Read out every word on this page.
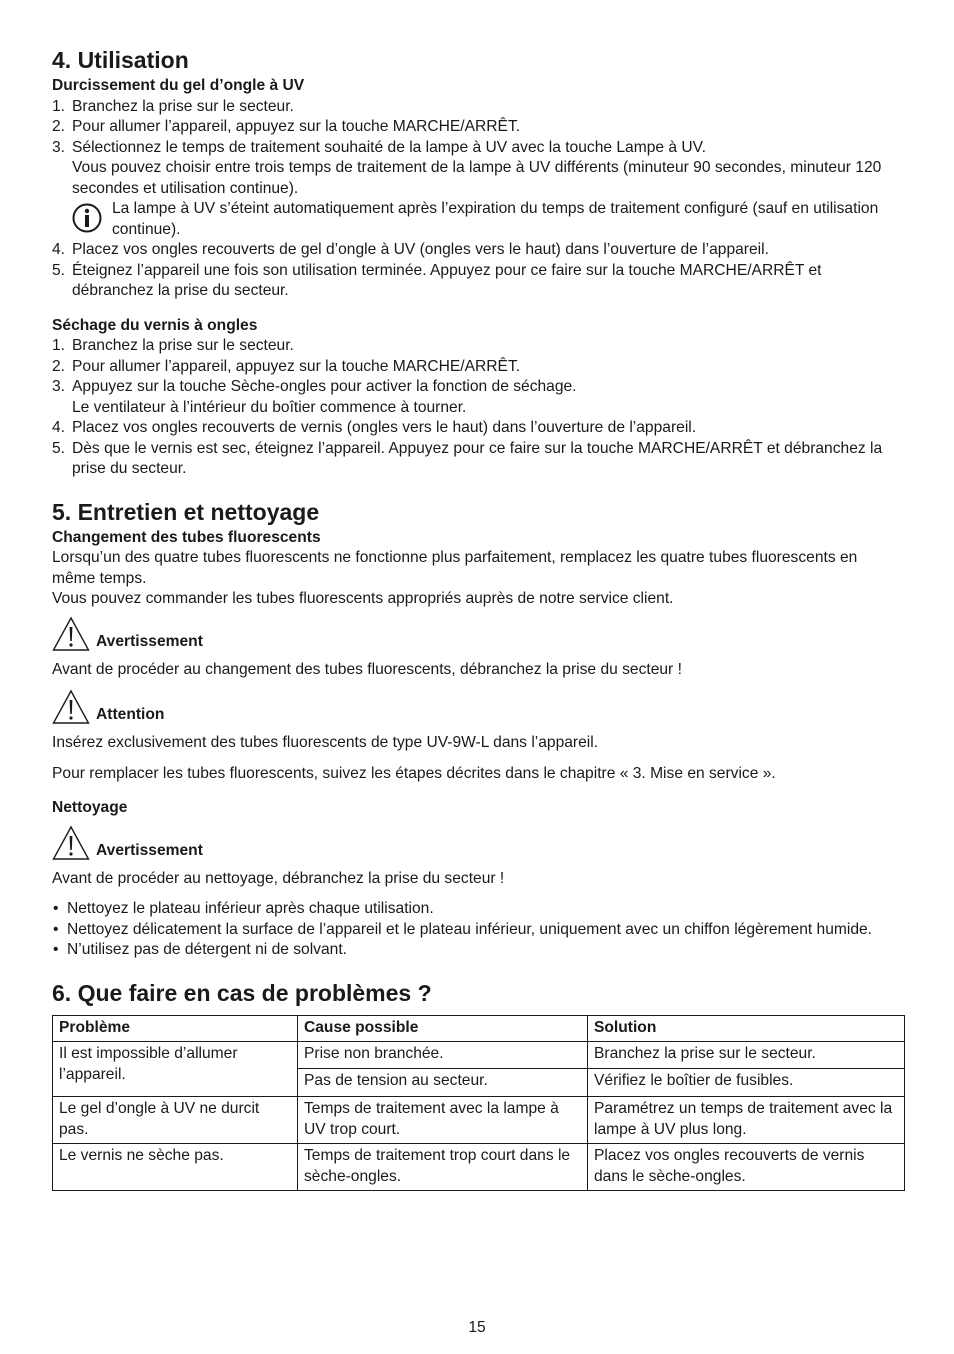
4. Utilisation
Durcissement du gel d’ongle à UV
1. Branchez la prise sur le secteur.
2. Pour allumer l’appareil, appuyez sur la touche MARCHE/ARRÊT.
3. Sélectionnez le temps de traitement souhaité de la lampe à UV avec la touche Lampe à UV.
Vous pouvez choisir entre trois temps de traitement de la lampe à UV différents (minuteur 90 secondes, minuteur 120 secondes et utilisation continue).
La lampe à UV s’éteint automatiquement après l’expiration du temps de traitement configuré (sauf en utilisation continue).
4. Placez vos ongles recouverts de gel d’ongle à UV (ongles vers le haut) dans l’ouverture de l’appareil.
5. Éteignez l’appareil une fois son utilisation terminée. Appuyez pour ce faire sur la touche MARCHE/ARRÊT et débranchez la prise du secteur.
Séchage du vernis à ongles
1. Branchez la prise sur le secteur.
2. Pour allumer l’appareil, appuyez sur la touche MARCHE/ARRÊT.
3. Appuyez sur la touche Sèche-ongles pour activer la fonction de séchage.
Le ventilateur à l’intérieur du boîtier commence à tourner.
4. Placez vos ongles recouverts de vernis (ongles vers le haut) dans l’ouverture de l’appareil.
5. Dès que le vernis est sec, éteignez l’appareil. Appuyez pour ce faire sur la touche MARCHE/ARRÊT et débranchez la prise du secteur.
5. Entretien et nettoyage
Changement des tubes fluorescents

Lorsqu’un des quatre tubes fluorescents ne fonctionne plus parfaitement, remplacez les quatre tubes fluorescents en même temps.

Vous pouvez commander les tubes fluorescents appropriés auprès de notre service client.

Avertissement

Avant de procéder au changement des tubes fluorescents, débranchez la prise du secteur !

Attention

Insérez exclusivement des tubes fluorescents de type UV-9W-L dans l’appareil.

Pour remplacer les tubes fluorescents, suivez les étapes décrites dans le chapitre « 3. Mise en service ».

Nettoyage
Avertissement

Avant de procéder au nettoyage, débranchez la prise du secteur !

• Nettoyez le plateau inférieur après chaque utilisation.
• Nettoyez délicatement la surface de l’appareil et le plateau inférieur, uniquement avec un chiffon légèrement humide.
• N’utilisez pas de détergent ni de solvant.
6. Que faire en cas de problèmes ?
Problème	Cause possible	Solution
Il est impossible d’allumer l’appareil.	Prise non branchée.	Branchez la prise sur le secteur.
	Pas de tension au secteur.	Vérifiez le boîtier de fusibles.
Le gel d’ongle à UV ne durcit pas.	Temps de traitement avec la lampe à UV trop court.	Paramétrez un temps de traitement avec la lampe à UV plus long.
Le vernis ne sèche pas.	Temps de traitement trop court dans le sèche-ongles.	Placez vos ongles recouverts de vernis dans le sèche-ongles.
15
